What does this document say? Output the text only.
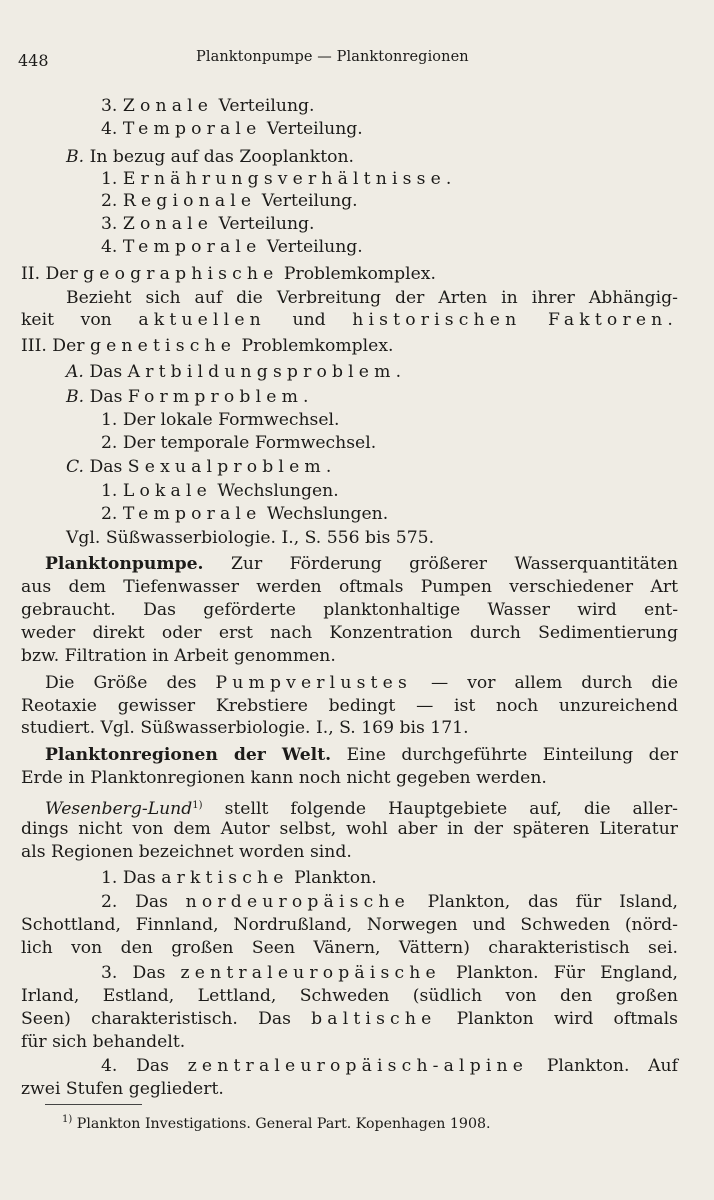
448	Planktonpumpe — Planktonregionen
3. Zonale Verteilung.
4. Temporale Verteilung.
B. In bezug auf das Zooplankton.
1. Ernährungsverhältnisse.
2. Regionale Verteilung.
3. Zonale Verteilung.
4. Temporale Verteilung.
II. Der geographische Problemkomplex.
Bezieht sich auf die Verbreitung der Arten in ihrer Abhängig-
keit von aktuellen und historischen Faktoren.
III. Der genetische Problemkomplex.
A. Das Artbildungsproblem.
B. Das Formproblem.
1. Der lokale Formwechsel.
2. Der temporale Formwechsel.
C. Das Sexualproblem.
1. Lokale Wechslungen.
2. Temporale Wechslungen.
Vgl. Süßwasserbiologie. I., S. 556 bis 575.
Planktonpumpe. Zur Förderung größerer Wasserquantitäten
aus dem Tiefenwasser werden oftmals Pumpen verschiedener Art
gebraucht. Das geförderte planktonhaltige Wasser wird ent-
weder direkt oder erst nach Konzentration durch Sedimentierung
bzw. Filtration in Arbeit genommen.
Die Größe des Pumpverlustes — vor allem durch die
Reotaxie gewisser Krebstiere bedingt — ist noch unzureichend
studiert. Vgl. Süßwasserbiologie. I., S. 169 bis 171.
Planktonregionen der Welt. Eine durchgeführte Einteilung der
Erde in Planktonregionen kann noch nicht gegeben werden.
Wesenberg-Lund$^{1)}$ stellt folgende Hauptgebiete auf, die aller-
dings nicht von dem Autor selbst, wohl aber in der späteren Literatur
als Regionen bezeichnet worden sind.
1. Das arktische Plankton.
2. Das nordeuropäische Plankton, das für Island,
Schottland, Finnland, Nordrußland, Norwegen und Schweden (nörd-
lich von den großen Seen Vänern, Vättern) charakteristisch sei.
3. Das zentraleuropäische Plankton. Für England,
Irland, Estland, Lettland, Schweden (südlich von den großen
Seen) charakteristisch. Das baltische Plankton wird oftmals
für sich behandelt.
4. Das zentraleuropäisch-alpine Plankton. Auf
zwei Stufen gegliedert.
$^{1)}$ Plankton Investigations. General Part. Kopenhagen 1908.
